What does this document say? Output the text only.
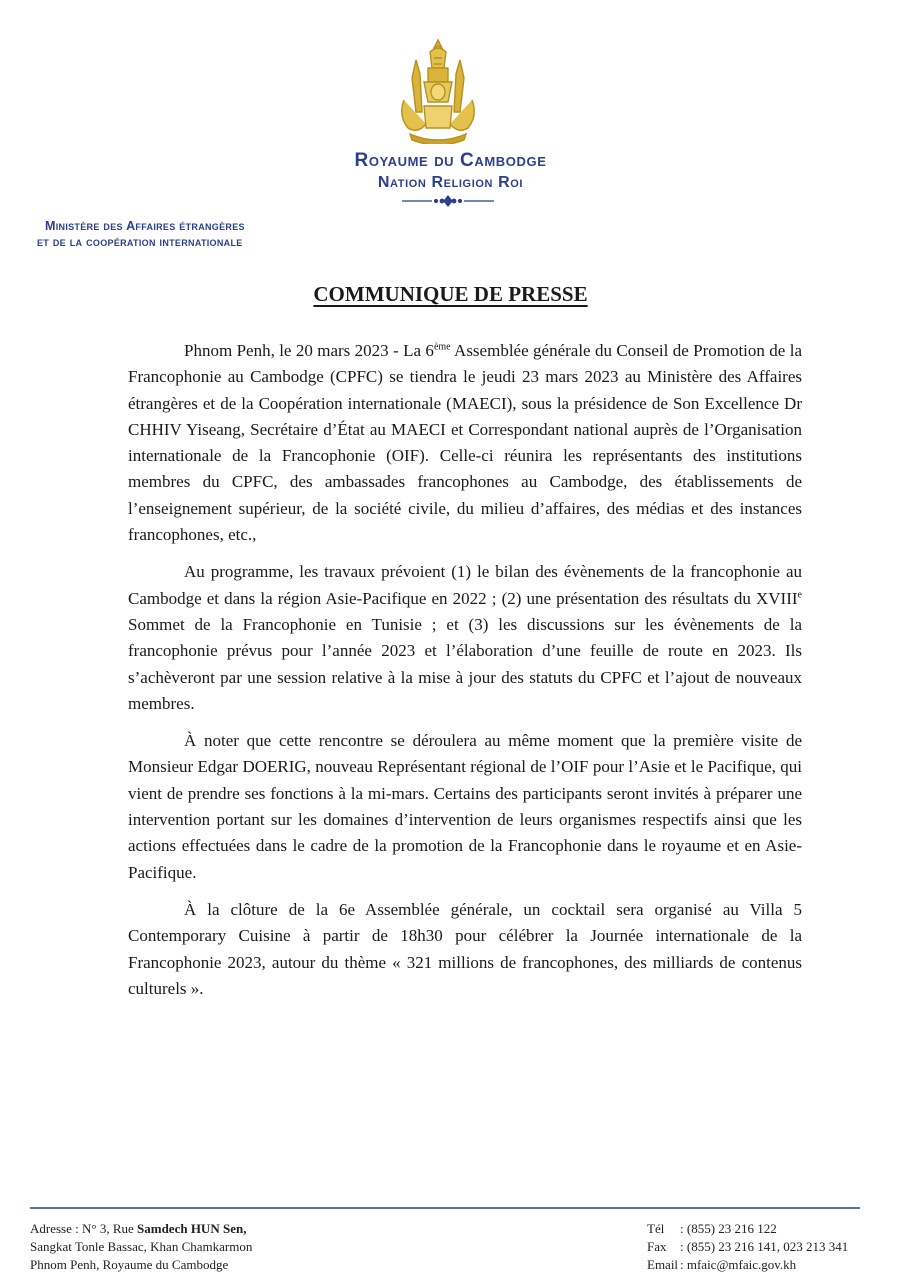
Royaume du Cambodge
Nation Religion Roi
Ministère des Affaires étrangères
et de la coopération internationale
COMMUNIQUE DE PRESSE

Phnom Penh, le 20 mars 2023 - La 6ème Assemblée générale du Conseil de Promotion de la Francophonie au Cambodge (CPFC) se tiendra le jeudi 23 mars 2023 au Ministère des Affaires étrangères et de la Coopération internationale (MAECI), sous la présidence de Son Excellence Dr CHHIV Yiseang, Secrétaire d’État au MAECI et Correspondant national auprès de l’Organisation internationale de la Francophonie (OIF). Celle-ci réunira les représentants des institutions membres du CPFC, des ambassades francophones au Cambodge, des établissements de l’enseignement supérieur, de la société civile, du milieu d’affaires, des médias et des instances francophones, etc.,

Au programme, les travaux prévoient (1) le bilan des évènements de la francophonie au Cambodge et dans la région Asie-Pacifique en 2022 ; (2) une présentation des résultats du XVIIIe Sommet de la Francophonie en Tunisie ; et (3) les discussions sur les évènements de la francophonie prévus pour l’année 2023 et l’élaboration d’une feuille de route en 2023. Ils s’achèveront par une session relative à la mise à jour des statuts du CPFC et l’ajout de nouveaux membres.

À noter que cette rencontre se déroulera au même moment que la première visite de Monsieur Edgar DOERIG, nouveau Représentant régional de l’OIF pour l’Asie et le Pacifique, qui vient de prendre ses fonctions à la mi-mars. Certains des participants seront invités à préparer une intervention portant sur les domaines d’intervention de leurs organismes respectifs ainsi que les actions effectuées dans le cadre de la promotion de la Francophonie dans le royaume et en Asie-Pacifique.

À la clôture de la 6e Assemblée générale, un cocktail sera organisé au Villa 5 Contemporary Cuisine à partir de 18h30 pour célébrer la Journée internationale de la Francophonie 2023, autour du thème « 321 millions de francophones, des milliards de contenus culturels ».

Adresse : N° 3, Rue Samdech HUN Sen,
Sangkat Tonle Bassac, Khan Chamkarmon
Phnom Penh, Royaume du Cambodge
Tél : (855) 23 216 122
Fax : (855) 23 216 141, 023 213 341
Email : mfaic@mfaic.gov.kh
